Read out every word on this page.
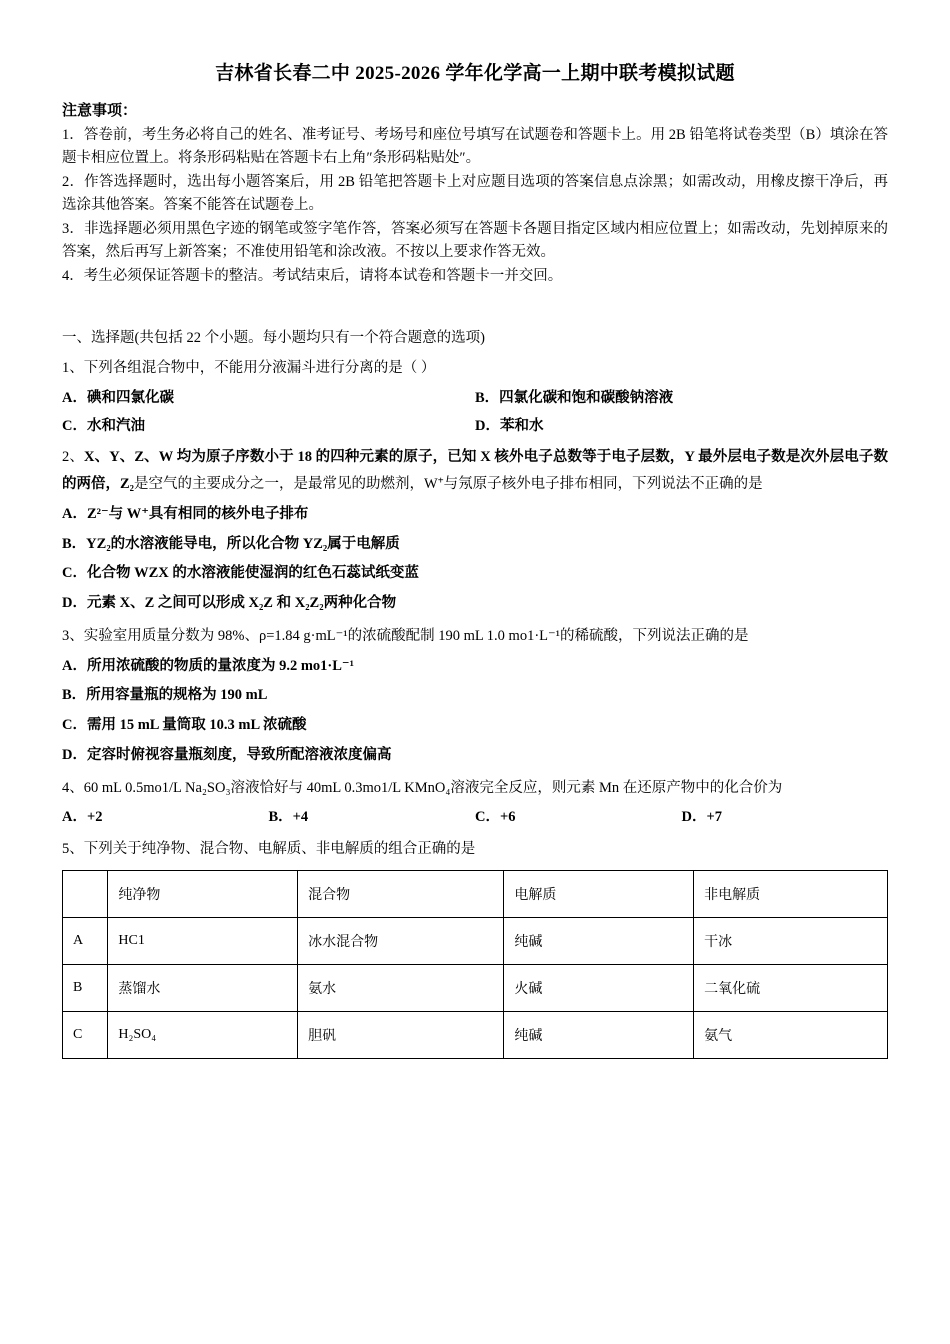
吉林省长春二中 2025-2026 学年化学高一上期中联考模拟试题
注意事项：

1．答卷前，考生务必将自己的姓名、准考证号、考场号和座位号填写在试题卷和答题卡上。用 2B 铅笔将试卷类型（B）填涂在答题卡相应位置上。将条形码粘贴在答题卡右上角″条形码粘贴处″。

2．作答选择题时，选出每小题答案后，用 2B 铅笔把答题卡上对应题目选项的答案信息点涂黑；如需改动，用橡皮擦干净后，再选涂其他答案。答案不能答在试题卷上。

3．非选择题必须用黑色字迹的钢笔或签字笔作答，答案必须写在答题卡各题目指定区域内相应位置上；如需改动，先划掉原来的答案，然后再写上新答案；不准使用铅笔和涂改液。不按以上要求作答无效。

4．考生必须保证答题卡的整洁。考试结束后，请将本试卷和答题卡一并交回。

一、选择题(共包括 22 个小题。每小题均只有一个符合题意的选项)
1、下列各组混合物中，不能用分液漏斗进行分离的是（ ）
A．碘和四氯化碳	B．四氯化碳和饱和碳酸钠溶液
C．水和汽油	D．苯和水
2、X、Y、Z、W 均为原子序数小于 18 的四种元素的原子，已知 X 核外电子总数等于电子层数，Y 最外层电子数是次外层电子数的两倍，Z₂是空气的主要成分之一，是最常见的助燃剂，W+与氖原子核外电子排布相同，下列说法不正确的是
A．Z²⁻与 W⁺具有相同的核外电子排布
B．YZ₂的水溶液能导电，所以化合物 YZ₂属于电解质
C．化合物 WZX 的水溶液能使湿润的红色石蕊试纸变蓝
D．元素 X、Z 之间可以形成 X₂Z 和 X₂Z₂两种化合物
3、实验室用质量分数为 98%、ρ=1.84 g·mL⁻¹的浓硫酸配制 190 mL 1.0 mo1·L⁻¹的稀硫酸，下列说法正确的是
A．所用浓硫酸的物质的量浓度为 9.2 mo1·L⁻¹
B．所用容量瓶的规格为 190 mL
C．需用 15 mL 量筒取 10.3 mL 浓硫酸
D．定容时俯视容量瓶刻度，导致所配溶液浓度偏高
4、60 mL 0.5mo1/L Na₂SO₃溶液恰好与 40mL 0.3mo1/L KMnO₄溶液完全反应，则元素 Mn 在还原产物中的化合价为
A．+2	B．+4	C．+6	D．+7
5、下列关于纯净物、混合物、电解质、非电解质的组合正确的是
	纯净物	混合物	电解质	非电解质
A	HC1	冰水混合物	纯碱	干冰
B	蒸馏水	氨水	火碱	二氧化硫
C	H₂SO₄	胆矾	纯碱	氨气
